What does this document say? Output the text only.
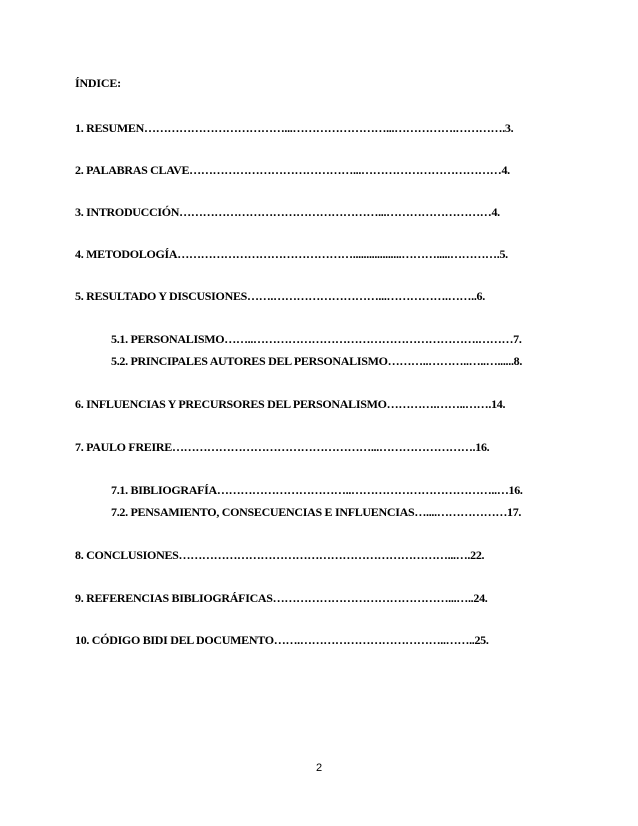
ÍNDICE:
1. RESUMEN………………………………...……………………...…………….………….3.
2. PALABRAS CLAVE……………………………………...………………………………4.
3. INTRODUCCIÓN……………………………………………...………………………4.
4. METODOLOGÍA………………………………………..................……….....………….5.
5. RESULTADO Y DISCUSIONES…….………………………...…………….……..6.
5.1. PERSONALISMO……..………………………………………………….………7.
5.2. PRINCIPALES AUTORES DEL PERSONALISMO………..………..…..…......8.
6. INFLUENCIAS Y PRECURSORES DEL PERSONALISMO………….……..…….14.
7. PAULO FREIRE……………………………………………...…………………….16.
7.1. BIBLIOGRAFÍA……………………………..………………………………..…16.
7.2. PENSAMIENTO, CONSECUENCIAS E INFLUENCIAS…....………………17.
8. CONCLUSIONES……………………………………………………………...….22.
9. REFERENCIAS BIBLIOGRÁFICAS………………………………………...…..24.
10. CÓDIGO BIDI DEL DOCUMENTO…….………………………………..……..25.
2
